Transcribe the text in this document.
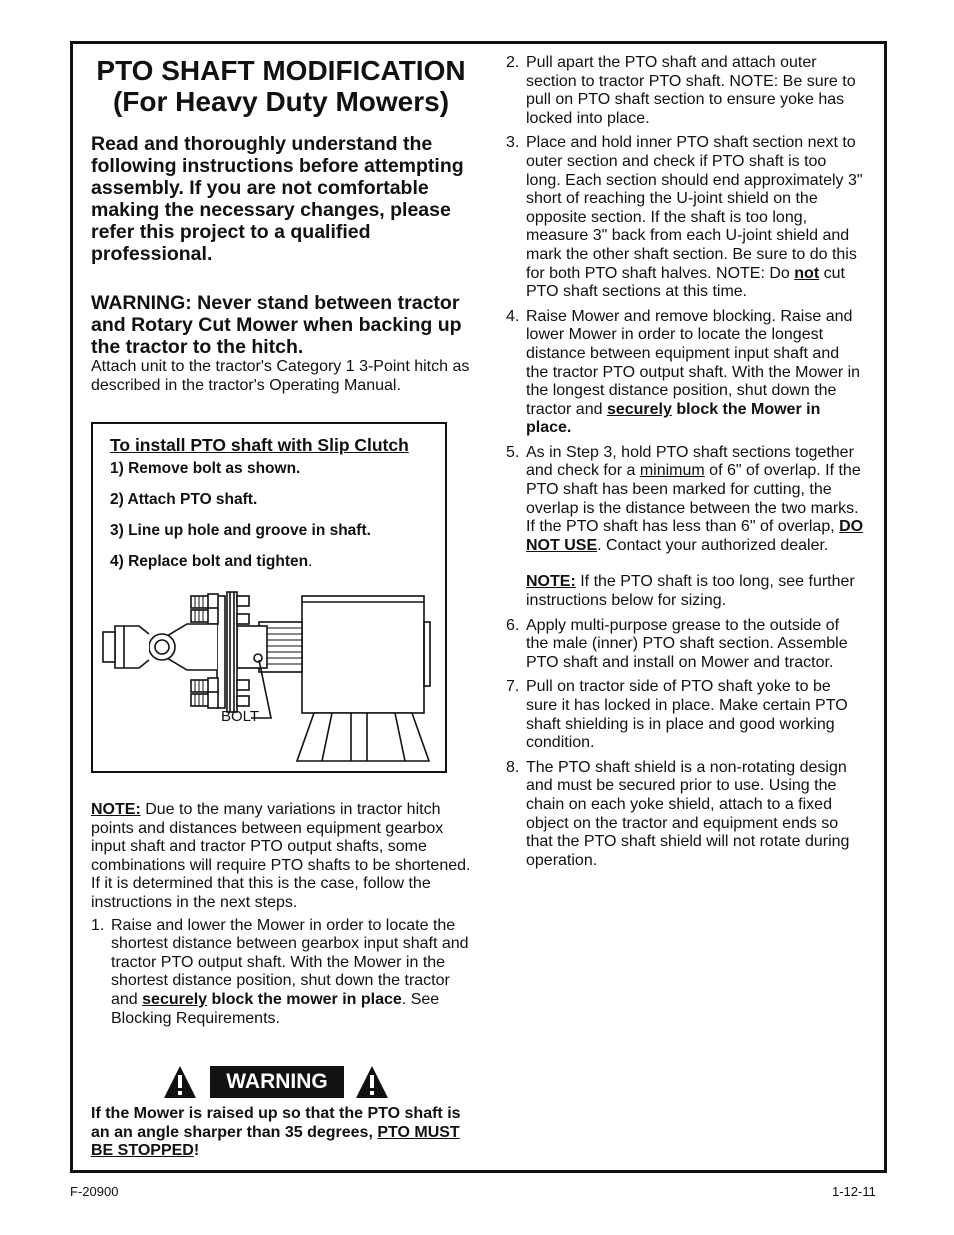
PTO SHAFT MODIFICATION
(For Heavy Duty Mowers)

Read and thoroughly understand the following instructions before attempting assembly. If you are not comfortable making the necessary changes, please refer this project to a qualified professional.

WARNING: Never stand between tractor and Rotary Cut Mower when backing up the tractor to the hitch.

Attach unit to the tractor's Category 1 3-Point hitch as described in the tractor's Operating Manual.

To install PTO shaft with Slip Clutch
1) Remove bolt as shown.
2) Attach PTO shaft.
3) Line up hole and groove in shaft.
4) Replace bolt and tighten.
BOLT

NOTE: Due to the many variations in tractor hitch points and distances between equipment gearbox input shaft and tractor PTO output shafts, some combinations will require PTO shafts to be shortened. If it is determined that this is the case, follow the instructions in the next steps.

1. Raise and lower the Mower in order to locate the shortest distance between gearbox input shaft and tractor PTO output shaft. With the Mower in the shortest distance position, shut down the tractor and securely block the mower in place. See Blocking Requirements.
WARNING
If the Mower is raised up so that the PTO shaft is an an angle sharper than 35 degrees, PTO MUST BE STOPPED!
2. Pull apart the PTO shaft and attach outer section to tractor PTO shaft. NOTE: Be sure to pull on PTO shaft section to ensure yoke has locked into place.
3. Place and hold inner PTO shaft section next to outer section and check if PTO shaft is too long. Each section should end approximately 3" short of reaching the U-joint shield on the opposite section. If the shaft is too long, measure 3" back from each U-joint shield and mark the other shaft section. Be sure to do this for both PTO shaft halves. NOTE: Do not cut PTO shaft sections at this time.
4. Raise Mower and remove blocking. Raise and lower Mower in order to locate the longest distance between equipment input shaft and the tractor PTO output shaft. With the Mower in the longest distance position, shut down the tractor and securely block the Mower in place.
5. As in Step 3, hold PTO shaft sections together and check for a minimum of 6" of overlap. If the PTO shaft has been marked for cutting, the overlap is the distance between the two marks. If the PTO shaft has less than 6" of overlap, DO NOT USE. Contact your authorized dealer.
NOTE: If the PTO shaft is too long, see further instructions below for sizing.
6. Apply multi-purpose grease to the outside of the male (inner) PTO shaft section. Assemble PTO shaft and install on Mower and tractor.
7. Pull on tractor side of PTO shaft yoke to be sure it has locked in place. Make certain PTO shaft shielding is in place and good working condition.
8. The PTO shaft shield is a non-rotating design and must be secured prior to use. Using the chain on each yoke shield, attach to a fixed object on the tractor and equipment ends so that the PTO shaft shield will not rotate during operation.
F-20900	1-12-11
